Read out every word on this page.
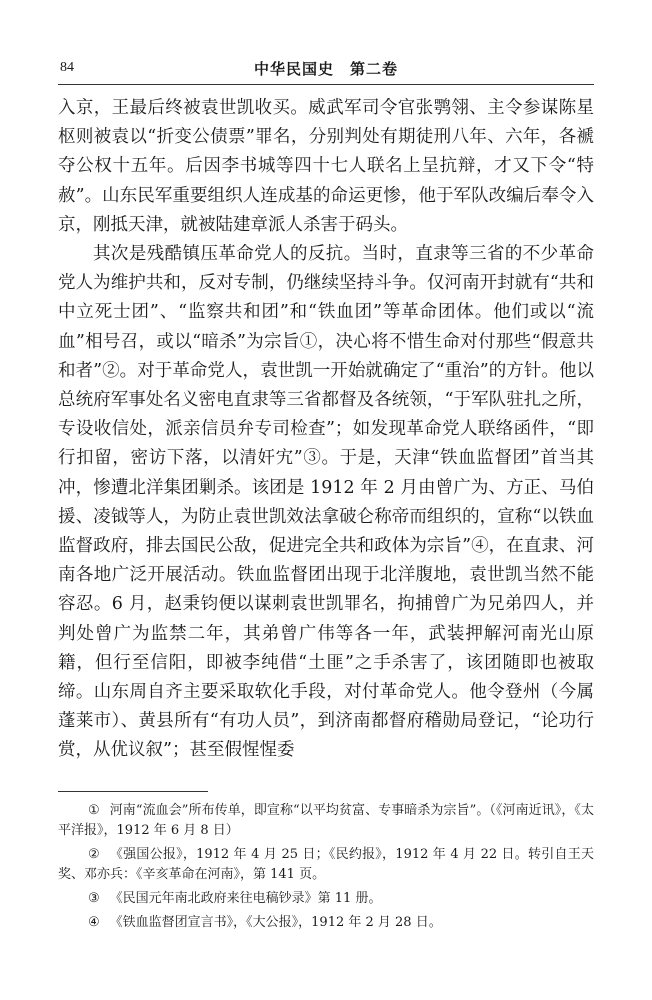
84	中华民国史　第二卷

入京，王最后终被袁世凯收买。威武军司令官张鹗翎、主令参谋陈星枢则被袁以“折变公债票”罪名，分别判处有期徒刑八年、六年，各褫夺公权十五年。后因李书城等四十七人联名上呈抗辩，才又下令“特赦”。山东民军重要组织人连成基的命运更惨，他于军队改编后奉令入京，刚抵天津，就被陆建章派人杀害于码头。

其次是残酷镇压革命党人的反抗。当时，直隶等三省的不少革命党人为维护共和，反对专制，仍继续坚持斗争。仅河南开封就有“共和中立死士团”、“监察共和团”和“铁血团”等革命团体。他们或以“流血”相号召，或以“暗杀”为宗旨①，决心将不惜生命对付那些“假意共和者”②。对于革命党人，袁世凯一开始就确定了“重治”的方针。他以总统府军事处名义密电直隶等三省都督及各统领，“于军队驻扎之所，专设收信处，派亲信员弁专司检查”；如发现革命党人联络函件，“即行扣留，密访下落，以清奸宄”③。于是，天津“铁血监督团”首当其冲，惨遭北洋集团剿杀。该团是 1912 年 2 月由曾广为、方正、马伯援、凌钺等人，为防止袁世凯效法拿破仑称帝而组织的，宣称“以铁血监督政府，排去国民公敌，促进完全共和政体为宗旨”④，在直隶、河南各地广泛开展活动。铁血监督团出现于北洋腹地，袁世凯当然不能容忍。6 月，赵秉钧便以谋刺袁世凯罪名，拘捕曾广为兄弟四人，并判处曾广为监禁二年，其弟曾广伟等各一年，武装押解河南光山原籍，但行至信阳，即被李纯借“土匪”之手杀害了，该团随即也被取缔。山东周自齐主要采取软化手段，对付革命党人。他令登州（今属蓬莱市）、黄县所有“有功人员”，到济南都督府稽勋局登记，“论功行赏，从优议叙”；甚至假惺惺委

① 河南“流血会”所布传单，即宣称“以平均贫富、专事暗杀为宗旨”。（《河南近讯》，《太平洋报》，1912 年 6 月 8 日）

② 《强国公报》，1912 年 4 月 25 日；《民约报》，1912 年 4 月 22 日。转引自王天奖、邓亦兵：《辛亥革命在河南》，第 141 页。

③ 《民国元年南北政府来往电稿钞录》第 11 册。

④ 《铁血监督团宣言书》，《大公报》，1912 年 2 月 28 日。
